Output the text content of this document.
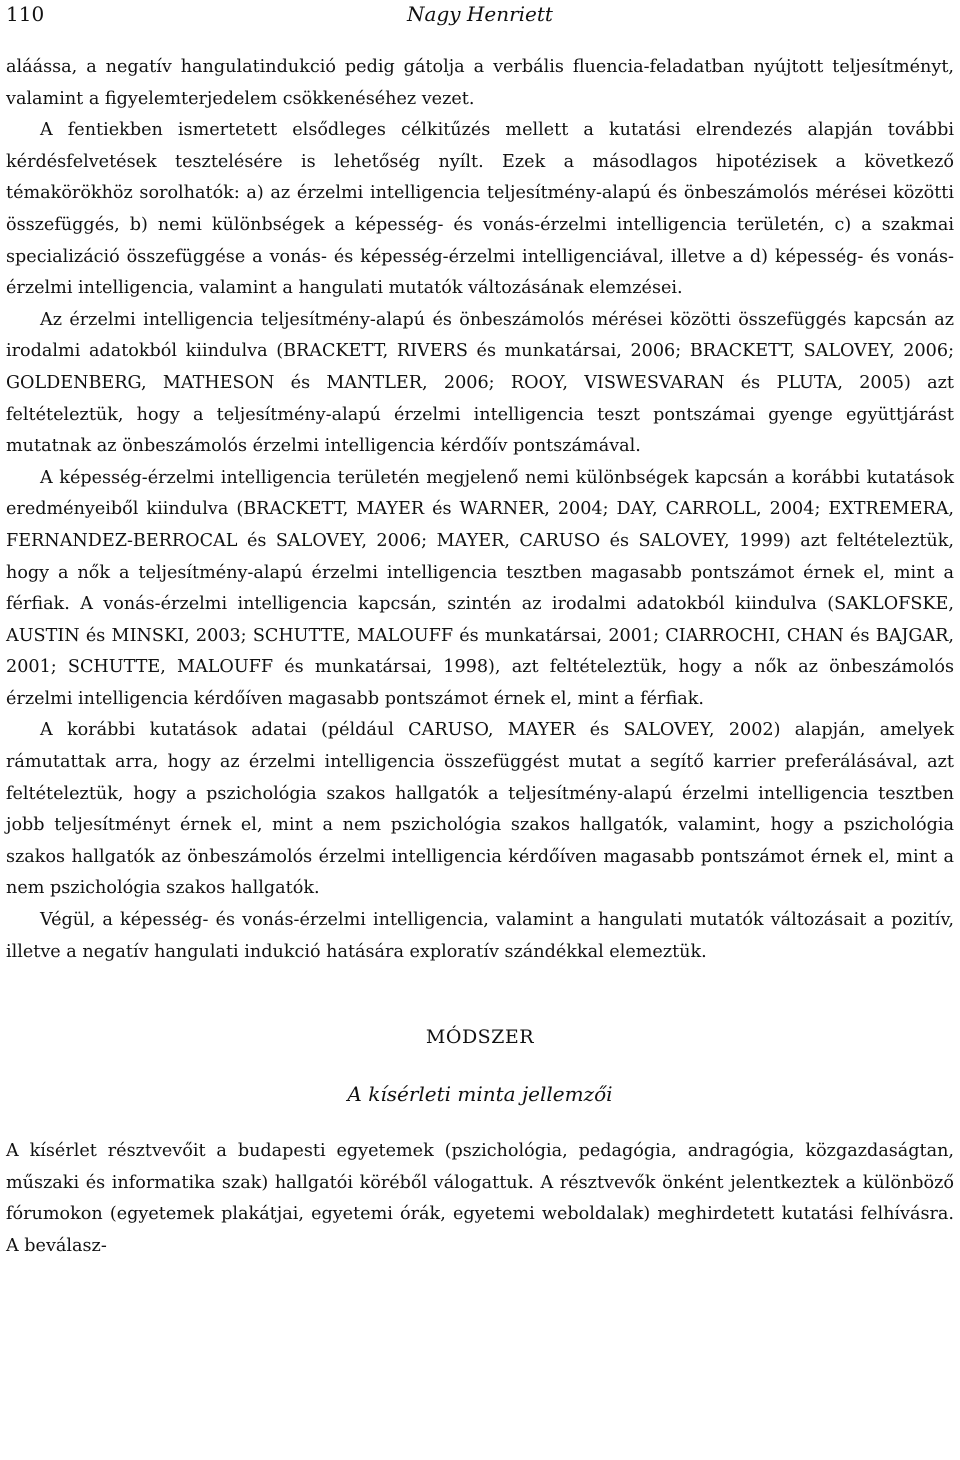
110	Nagy Henriett

aláássa, a negatív hangulatindukció pedig gátolja a verbális fluencia-feladatban nyújtott teljesítményt, valamint a figyelemterjedelem csökkenéséhez vezet.

A fentiekben ismertetett elsődleges célkitűzés mellett a kutatási elrendezés alapján további kérdésfelvetések tesztelésére is lehetőség nyílt. Ezek a másodlagos hipotézisek a következő témakörökhöz sorolhatók: a) az érzelmi intelligencia teljesítmény-alapú és önbeszámolós mérései közötti összefüggés, b) nemi különbségek a képesség- és vonás-érzelmi intelligencia területén, c) a szakmai specializáció összefüggése a vonás- és képesség-érzelmi intelligenciával, illetve a d) képesség- és vonás-érzelmi intelligencia, valamint a hangulati mutatók változásának elemzései.

Az érzelmi intelligencia teljesítmény-alapú és önbeszámolós mérései közötti összefüggés kapcsán az irodalmi adatokból kiindulva (BRACKETT, RIVERS és munkatársai, 2006; BRACKETT, SALOVEY, 2006; GOLDENBERG, MATHESON és MANTLER, 2006; ROOY, VISWESVARAN és PLUTA, 2005) azt feltételeztük, hogy a teljesítmény-alapú érzelmi intelligencia teszt pontszámai gyenge együttjárást mutatnak az önbeszámolós érzelmi intelligencia kérdőív pontszámával.

A képesség-érzelmi intelligencia területén megjelenő nemi különbségek kapcsán a korábbi kutatások eredményeiből kiindulva (BRACKETT, MAYER és WARNER, 2004; DAY, CARROLL, 2004; EXTREMERA, FERNANDEZ-BERROCAL és SALOVEY, 2006; MAYER, CARUSO és SALOVEY, 1999) azt feltételeztük, hogy a nők a teljesítmény-alapú érzelmi intelligencia tesztben magasabb pontszámot érnek el, mint a férfiak. A vonás-érzelmi intelligencia kapcsán, szintén az irodalmi adatokból kiindulva (SAKLOFSKE, AUSTIN és MINSKI, 2003; SCHUTTE, MALOUFF és munkatársai, 2001; CIARROCHI, CHAN és BAJGAR, 2001; SCHUTTE, MALOUFF és munkatársai, 1998), azt feltételeztük, hogy a nők az önbeszámolós érzelmi intelligencia kérdőíven magasabb pontszámot érnek el, mint a férfiak.

A korábbi kutatások adatai (például CARUSO, MAYER és SALOVEY, 2002) alapján, amelyek rámutattak arra, hogy az érzelmi intelligencia összefüggést mutat a segítő karrier preferálásával, azt feltételeztük, hogy a pszichológia szakos hallgatók a teljesítmény-alapú érzelmi intelligencia tesztben jobb teljesítményt érnek el, mint a nem pszichológia szakos hallgatók, valamint, hogy a pszichológia szakos hallgatók az önbeszámolós érzelmi intelligencia kérdőíven magasabb pontszámot érnek el, mint a nem pszichológia szakos hallgatók.

Végül, a képesség- és vonás-érzelmi intelligencia, valamint a hangulati mutatók változásait a pozitív, illetve a negatív hangulati indukció hatására exploratív szándékkal elemeztük.

MÓDSZER
A kísérleti minta jellemzői

A kísérlet résztvevőit a budapesti egyetemek (pszichológia, pedagógia, andragógia, közgazdaságtan, műszaki és informatika szak) hallgatói köréből válogattuk. A résztvevők önként jelentkeztek a különböző fórumokon (egyetemek plakátjai, egyetemi órák, egyetemi weboldalak) meghirdetett kutatási felhívásra. A beválasz-
